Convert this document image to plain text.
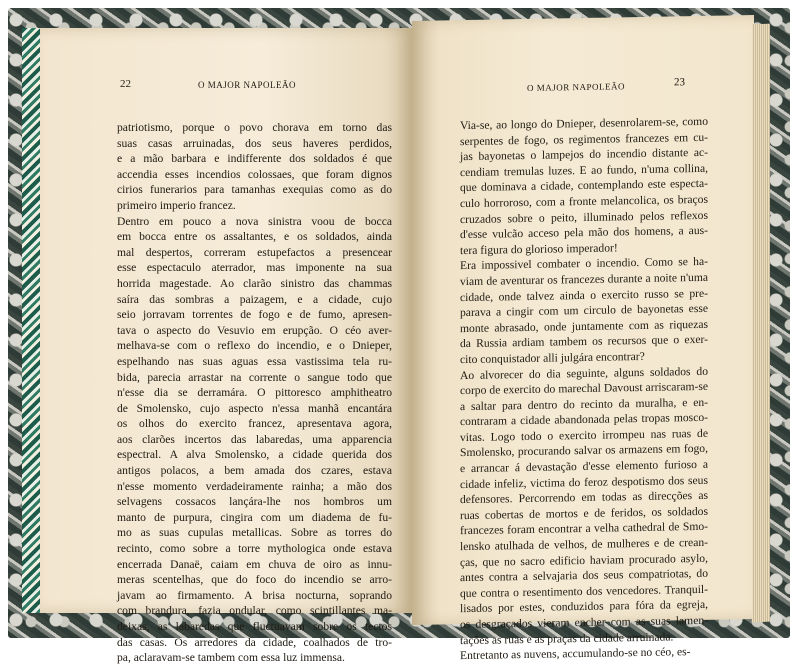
22	O MAJOR NAPOLEÃO
patriotismo, porque o povo chorava em torno das
suas casas arruinadas, dos seus haveres perdidos,
e a mão barbara e indifferente dos soldados é que
accendia esses incendios colossaes, que foram dignos
cirios funerarios para tamanhas exequias como as do
primeiro imperio francez.
Dentro em pouco a nova sinistra voou de bocca
em bocca entre os assaltantes, e os soldados, ainda
mal despertos, correram estupefactos a presencear
esse espectaculo aterrador, mas imponente na sua
horrida magestade. Ao clarão sinistro das chammas
saíra das sombras a paizagem, e a cidade, cujo
seio jorravam torrentes de fogo e de fumo, apresen-
tava o aspecto do Vesuvio em erupção. O céo aver-
melhava-se com o reflexo do incendio, e o Dnieper,
espelhando nas suas aguas essa vastissima tela ru-
bida, parecia arrastar na corrente o sangue todo que
n'esse dia se derramára. O pittoresco amphitheatro
de Smolensko, cujo aspecto n'essa manhã encantára
os olhos do exercito francez, apresentava agora,
aos clarões incertos das labaredas, uma apparencia
espectral. A alva Smolensko, a cidade querida dos
antigos polacos, a bem amada dos czares, estava
n'esse momento verdadeiramente rainha; a mão dos
selvagens cossacos lançára-lhe nos hombros um
manto de purpura, cingira com um diadema de fu-
mo as suas cupulas metallicas. Sobre as torres do
recinto, como sobre a torre mythologica onde estava
encerrada Danaë, caiam em chuva de oiro as innu-
meras scentelhas, que do foco do incendio se arro-
javam ao firmamento. A brisa nocturna, soprando
com brandura, fazia ondular, como scintillantes ma-
deixas, as labaredas que fluctuavam sobre os tectos
das casas. Os arredores da cidade, coalhados de tro-
pa, aclaravam-se tambem com essa luz immensa.
O MAJOR NAPOLEÃO	23
Via-se, ao longo do Dnieper, desenrolarem-se, como
serpentes de fogo, os regimentos francezes em cu-
jas bayonetas o lampejos do incendio distante ac-
cendiam tremulas luzes. E ao fundo, n'uma collina,
que dominava a cidade, contemplando este especta-
culo horroroso, com a fronte melancolica, os braços
cruzados sobre o peito, illuminado pelos reflexos
d'esse vulcão acceso pela mão dos homens, a aus-
tera figura do glorioso imperador!
Era impossivel combater o incendio. Como se ha-
viam de aventurar os francezes durante a noite n'uma
cidade, onde talvez ainda o exercito russo se pre-
parava a cingir com um circulo de bayonetas esse
monte abrasado, onde juntamente com as riquezas
da Russia ardiam tambem os recursos que o exer-
cito conquistador alli julgára encontrar?
Ao alvorecer do dia seguinte, alguns soldados do
corpo de exercito do marechal Davoust arriscaram-se
a saltar para dentro do recinto da muralha, e en-
contraram a cidade abandonada pelas tropas mosco-
vitas. Logo todo o exercito irrompeu nas ruas de
Smolensko, procurando salvar os armazens em fogo,
e arrancar á devastação d'esse elemento furioso a
cidade infeliz, victima do feroz despotismo dos seus
defensores. Percorrendo em todas as direcções as
ruas cobertas de mortos e de feridos, os soldados
francezes foram encontrar a velha cathedral de Smo-
lensko atulhada de velhos, de mulheres e de crean-
ças, que no sacro edificio haviam procurado asylo,
antes contra a selvajaria dos seus compatriotas, do
que contra o resentimento dos vencedores. Tranquil-
lisados por estes, conduzidos para fóra da egreja,
os desgraçados vieram encher com as suas lamen-
tações as ruas e as praças da cidade arruinada.
Entretanto as nuvens, accumulando-se no céo, es-
